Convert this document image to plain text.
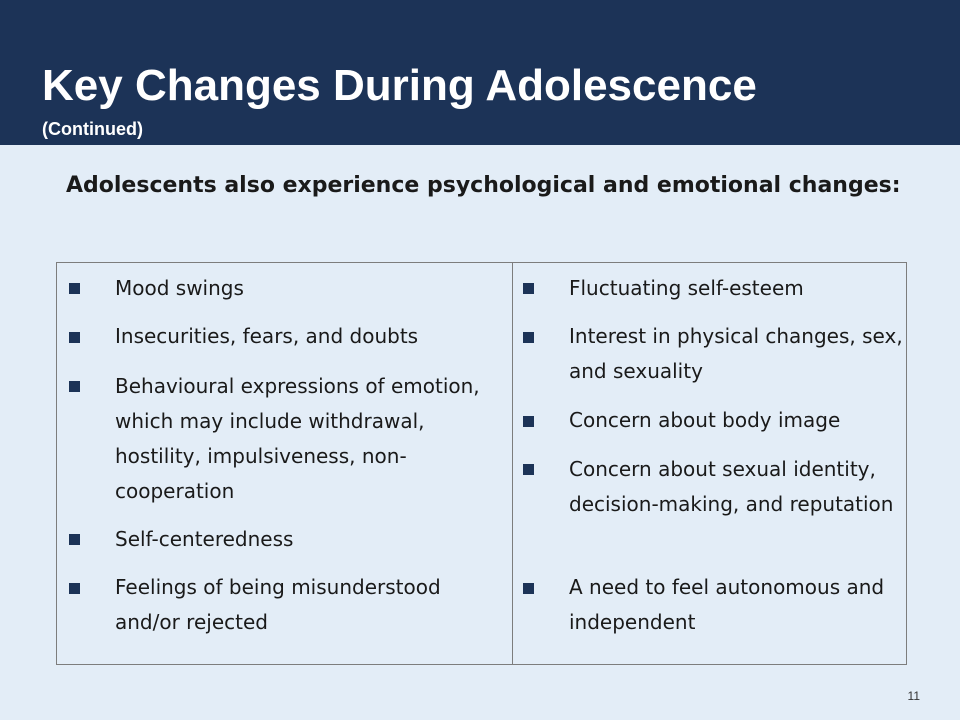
Key Changes During Adolescence
(Continued)
Adolescents also experience psychological and emotional changes:
Mood swings
Insecurities, fears, and doubts
Behavioural expressions of emotion, which may include withdrawal, hostility, impulsiveness, non-cooperation
Self-centeredness
Feelings of being misunderstood and/or rejected
Fluctuating self-esteem
Interest in physical changes, sex, and sexuality
Concern about body image
Concern about sexual identity, decision-making, and reputation
A need to feel autonomous and independent
11
